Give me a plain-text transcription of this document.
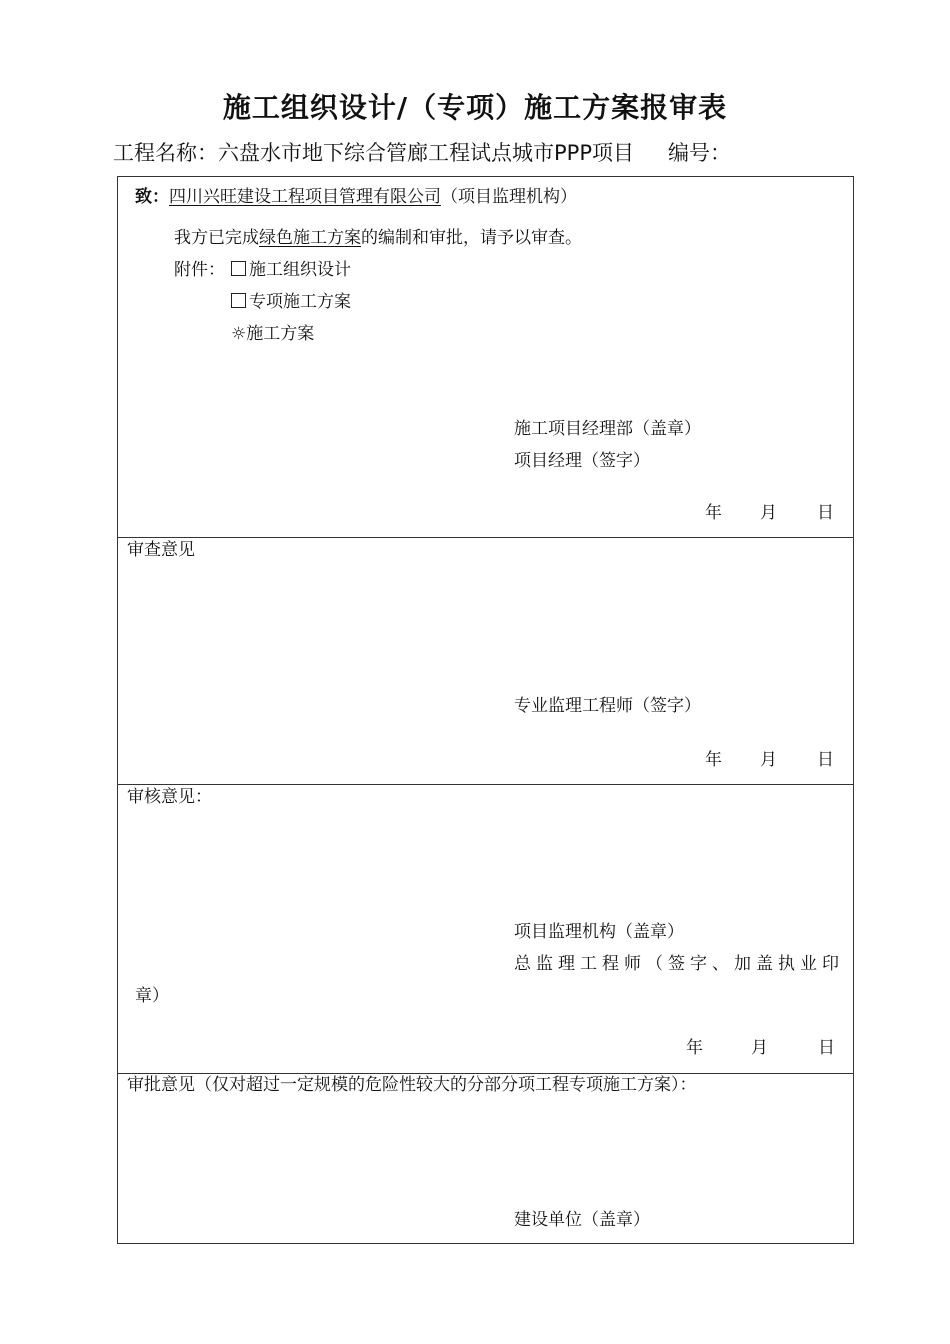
施工组织设计/（专项）施工方案报审表
工程名称：六盘水市地下综合管廊工程试点城市PPP项目 编号：
致：四川兴旺建设工程项目管理有限公司（项目监理机构）
我方已完成绿色施工方案的编制和审批，请予以审查。
附件：	施工组织设计
专项施工方案
☼施工方案
施工项目经理部（盖章）
项目经理（签字）
年 月 日
审查意见
专业监理工程师（签字）
年 月 日
审核意见：
项目监理机构（盖章）
总监理工程师（签字、加盖执业印
章）
年	月	日
审批意见（仅对超过一定规模的危险性较大的分部分项工程专项施工方案）：
建设单位（盖章）
